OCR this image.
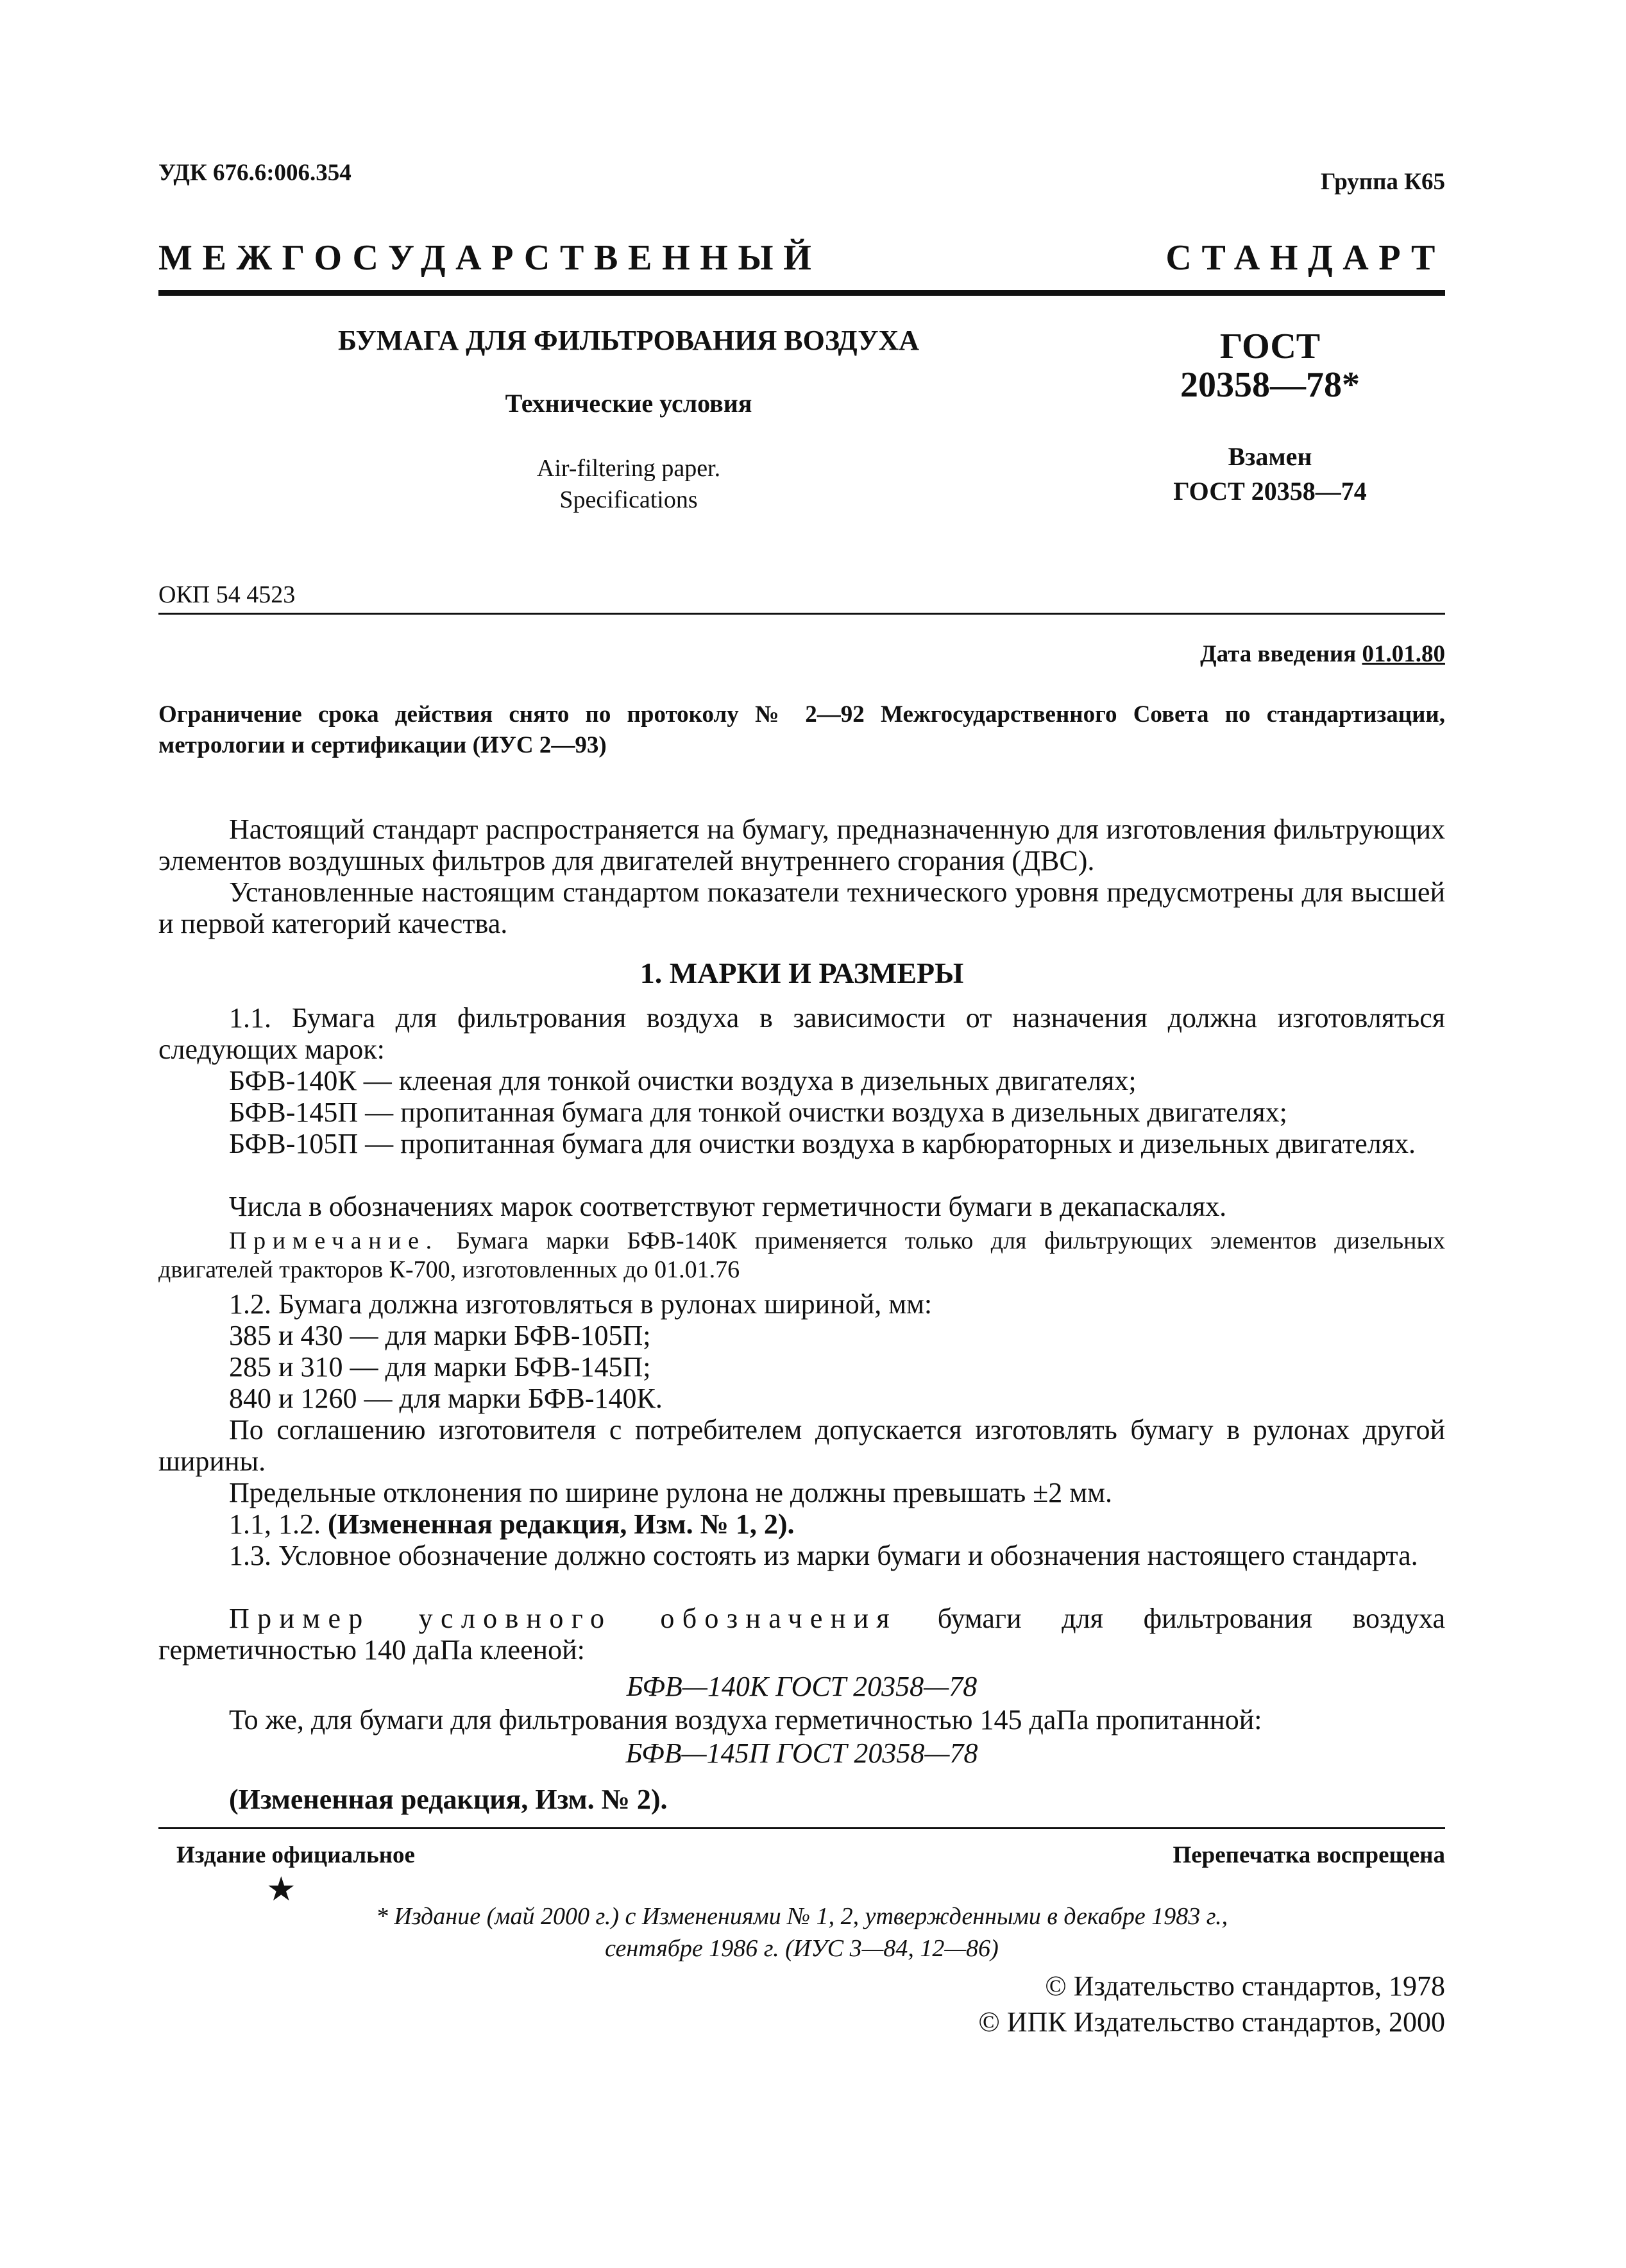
УДК 676.6:006.354	Группа К65
МЕЖГОСУДАРСТВЕННЫЙ	СТАНДАРТ
БУМАГА ДЛЯ ФИЛЬТРОВАНИЯ ВОЗДУХА
Технические условия
Air-filtering paper.
Specifications
ГОСТ
20358—78*
Взамен
ГОСТ 20358—74
ОКП 54 4523
Дата введения 01.01.80
Ограничение срока действия снято по протоколу № 2—92 Межгосударственного Совета по стандартизации, метрологии и сертификации (ИУС 2—93)
Настоящий стандарт распространяется на бумагу, предназначенную для изготовления фильтрующих элементов воздушных фильтров для двигателей внутреннего сгорания (ДВС).
Установленные настоящим стандартом показатели технического уровня предусмотрены для высшей и первой категорий качества.
1. МАРКИ И РАЗМЕРЫ
1.1. Бумага для фильтрования воздуха в зависимости от назначения должна изготовляться следующих марок:
БФВ-140К — клееная для тонкой очистки воздуха в дизельных двигателях;
БФВ-145П — пропитанная бумага для тонкой очистки воздуха в дизельных двигателях;
БФВ-105П — пропитанная бумага для очистки воздуха в карбюраторных и дизельных двигателях.
Числа в обозначениях марок соответствуют герметичности бумаги в декапаскалях.
Примечание. Бумага марки БФВ-140К применяется только для фильтрующих элементов дизельных двигателей тракторов К-700, изготовленных до 01.01.76
1.2. Бумага должна изготовляться в рулонах шириной, мм:
385 и 430 — для марки БФВ-105П;
285 и 310 — для марки БФВ-145П;
840 и 1260 — для марки БФВ-140К.
По соглашению изготовителя с потребителем допускается изготовлять бумагу в рулонах другой ширины.
Предельные отклонения по ширине рулона не должны превышать ±2 мм.
1.1, 1.2. (Измененная редакция, Изм. № 1, 2).
1.3. Условное обозначение должно состоять из марки бумаги и обозначения настоящего стандарта.
Пример условного обозначения бумаги для фильтрования воздуха герметичностью 140 даПа клееной:
БФВ—140К ГОСТ 20358—78
То же, для бумаги для фильтрования воздуха герметичностью 145 даПа пропитанной:
БФВ—145П ГОСТ 20358—78
(Измененная редакция, Изм. № 2).
Издание официальное	Перепечатка воспрещена
★
* Издание (май 2000 г.) с Изменениями № 1, 2, утвержденными в декабре 1983 г.,
сентябре 1986 г. (ИУС 3—84, 12—86)
© Издательство стандартов, 1978
© ИПК Издательство стандартов, 2000
